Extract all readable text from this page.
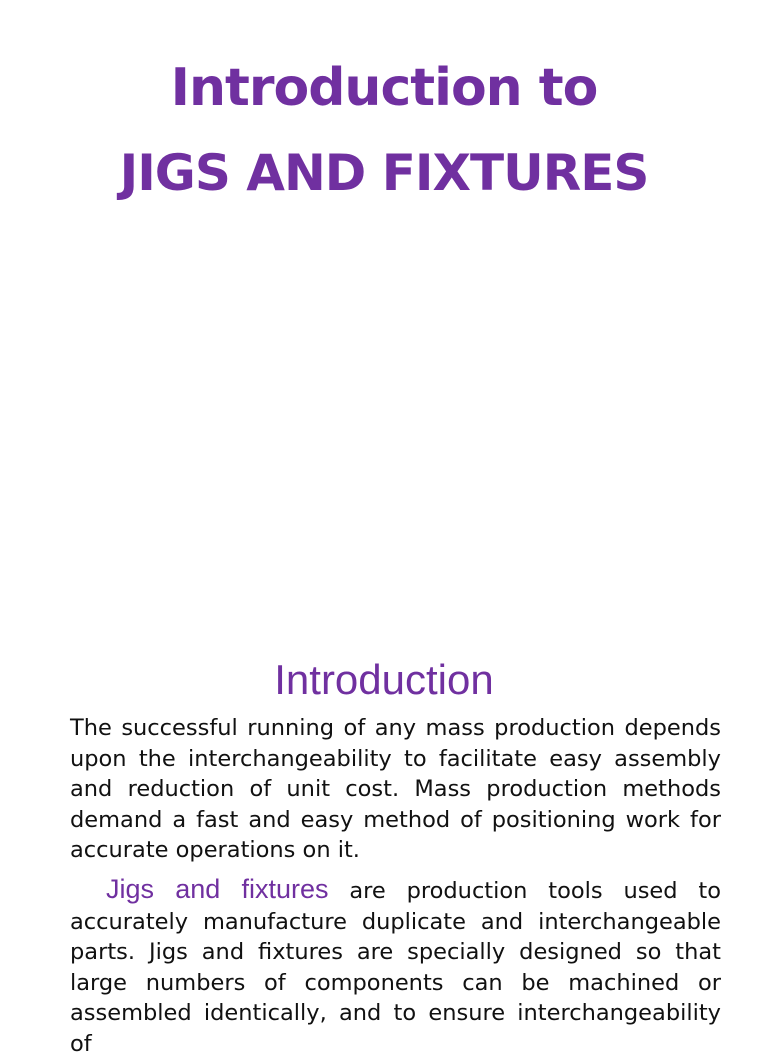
Introduction to
JIGS AND FIXTURES
Introduction

The successful running of any mass production depends upon the interchangeability to facilitate easy assembly and reduction of unit cost. Mass production methods demand a fast and easy method of positioning work for accurate operations on it.

Jigs and fixtures are production tools used to accurately manufacture duplicate and interchangeable parts. Jigs and fixtures are specially designed so that large numbers of components can be machined or assembled identically, and to ensure interchangeability of
